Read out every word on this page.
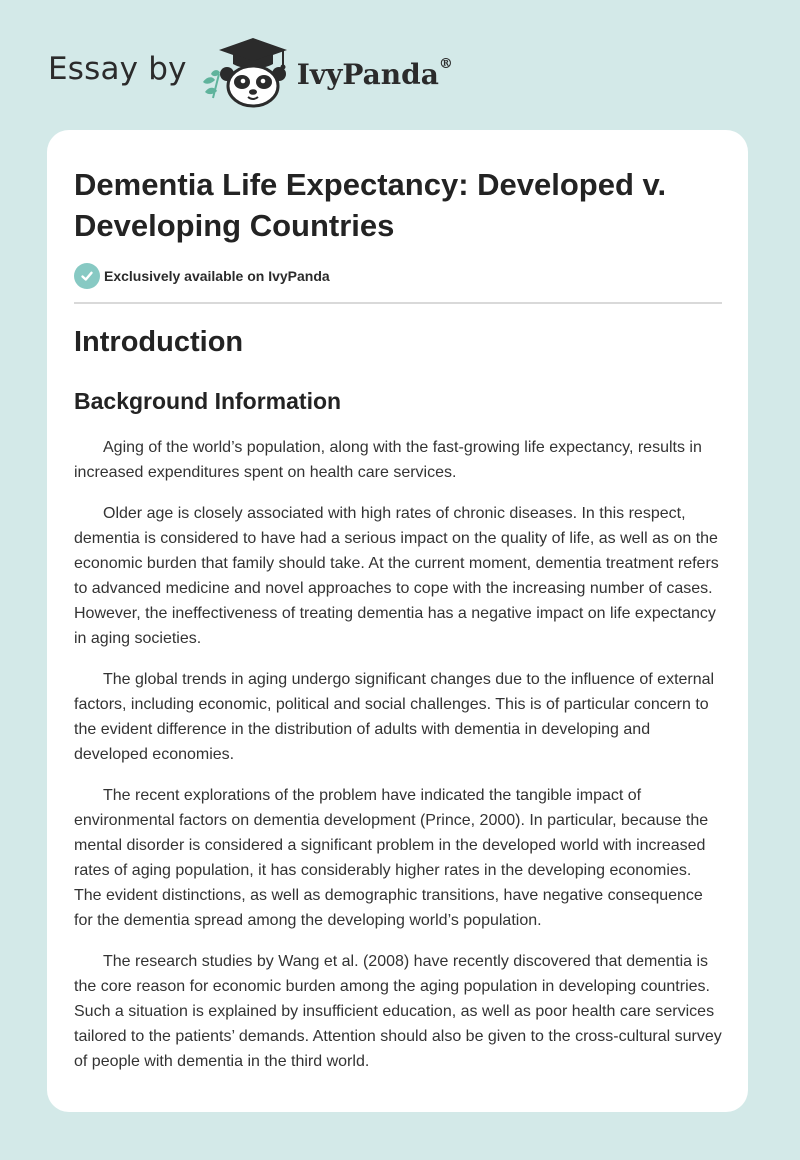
Essay by	IvyPanda®
Dementia Life Expectancy: Developed v. Developing Countries
Exclusively available on IvyPanda
Introduction
Background Information

Aging of the world’s population, along with the fast-growing life expectancy, results in increased expenditures spent on health care services.

Older age is closely associated with high rates of chronic diseases. In this respect, dementia is considered to have had a serious impact on the quality of life, as well as on the economic burden that family should take. At the current moment, dementia treatment refers to advanced medicine and novel approaches to cope with the increasing number of cases. However, the ineffectiveness of treating dementia has a negative impact on life expectancy in aging societies.

The global trends in aging undergo significant changes due to the influence of external factors, including economic, political and social challenges. This is of particular concern to the evident difference in the distribution of adults with dementia in developing and developed economies.

The recent explorations of the problem have indicated the tangible impact of environmental factors on dementia development (Prince, 2000). In particular, because the mental disorder is considered a significant problem in the developed world with increased rates of aging population, it has considerably higher rates in the developing economies. The evident distinctions, as well as demographic transitions, have negative consequence for the dementia spread among the developing world’s population.

The research studies by Wang et al. (2008) have recently discovered that dementia is the core reason for economic burden among the aging population in developing countries. Such a situation is explained by insufficient education, as well as poor health care services tailored to the patients’ demands. Attention should also be given to the cross-cultural survey of people with dementia in the third world.
